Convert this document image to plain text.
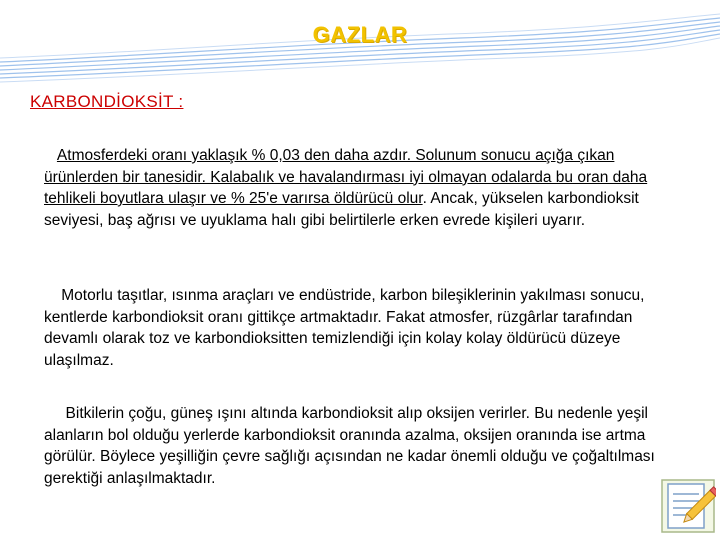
GAZLAR
KARBONDİOKSİT :

Atmosferdeki oranı yaklaşık % 0,03 den daha azdır. Solunum sonucu açığa çıkan ürünlerden bir tanesidir. Kalabalık ve havalandırması iyi olmayan odalarda bu oran daha tehlikeli boyutlara ulaşır ve % 25'e varırsa öldürücü olur. Ancak, yükselen karbondioksit seviyesi, baş ağrısı ve uyuklama halı gibi belirtilerle erken evrede kişileri uyarır.

Motorlu taşıtlar, ısınma araçları ve endüstride, karbon bileşiklerinin yakılması sonucu, kentlerde karbondioksit oranı gittikçe artmaktadır. Fakat atmosfer, rüzgârlar tarafından devamlı olarak toz ve karbondioksitten temizlendiği için kolay kolay öldürücü düzeye ulaşılmaz.

Bitkilerin çoğu, güneş ışını altında karbondioksit alıp oksijen verirler. Bu nedenle yeşil alanların bol olduğu yerlerde karbondioksit oranında azalma, oksijen oranında ise artma görülür. Böylece yeşilliğin çevre sağlığı açısından ne kadar önemli olduğu ve çoğaltılması gerektiği anlaşılmaktadır.
